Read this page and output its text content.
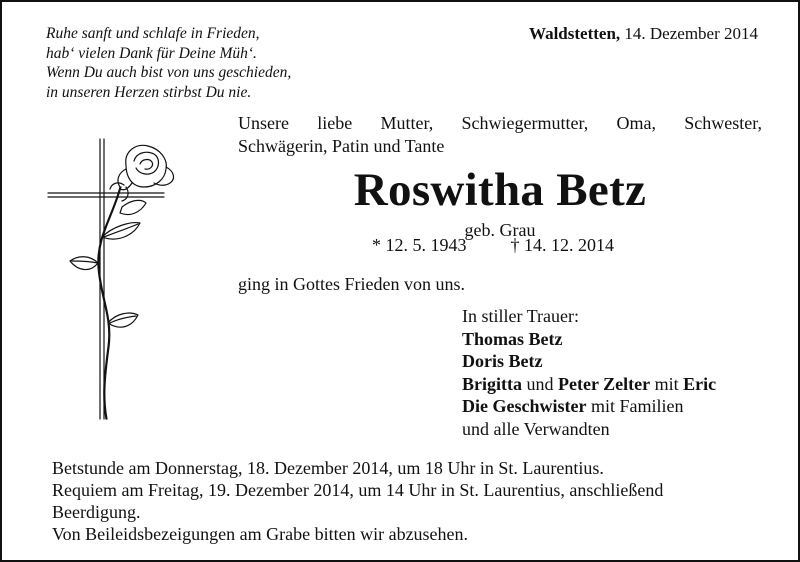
Ruhe sanft und schlafe in Frieden,
hab‘ vielen Dank für Deine Müh‘.
Wenn Du auch bist von uns geschieden,
in unseren Herzen stirbst Du nie.
Waldstetten, 14. Dezember 2014
Unsere liebe Mutter, Schwiegermutter, Oma, Schwester,
Schwägerin, Patin und Tante
Roswitha Betz
geb. Grau
* 12. 5. 1943 † 14. 12. 2014
ging in Gottes Frieden von uns.
In stiller Trauer:
Thomas Betz
Doris Betz
Brigitta und Peter Zelter mit Eric
Die Geschwister mit Familien
und alle Verwandten
Betstunde am Donnerstag, 18. Dezember 2014, um 18 Uhr in St. Laurentius.
Requiem am Freitag, 19. Dezember 2014, um 14 Uhr in St. Laurentius, anschließend
Beerdigung.
Von Beileidsbezeigungen am Grabe bitten wir abzusehen.
